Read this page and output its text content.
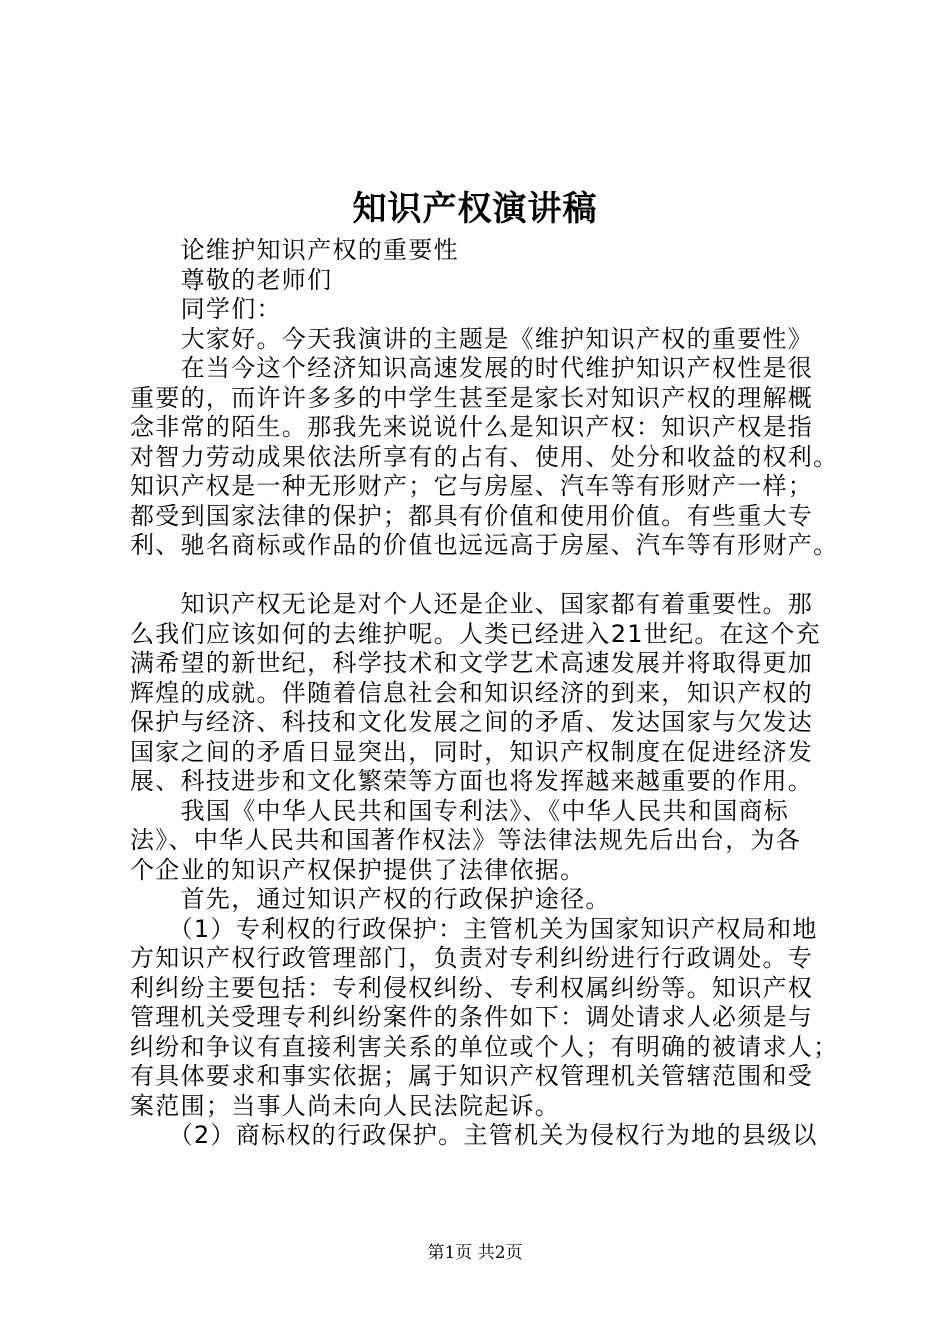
知识产权演讲稿
　　论维护知识产权的重要性
　　尊敬的老师们
　　同学们：
　　大家好。今天我演讲的主题是《维护知识产权的重要性》
　　在当今这个经济知识高速发展的时代维护知识产权性是很
重要的，而许许多多的中学生甚至是家长对知识产权的理解概
念非常的陌生。那我先来说说什么是知识产权：知识产权是指
对智力劳动成果依法所享有的占有、使用、处分和收益的权利。
知识产权是一种无形财产；它与房屋、汽车等有形财产一样；
都受到国家法律的保护；都具有价值和使用价值。有些重大专
利、驰名商标或作品的价值也远远高于房屋、汽车等有形财产。
　　知识产权无论是对个人还是企业、国家都有着重要性。那
么我们应该如何的去维护呢。人类已经进入21世纪。在这个充
满希望的新世纪，科学技术和文学艺术高速发展并将取得更加
辉煌的成就。伴随着信息社会和知识经济的到来，知识产权的
保护与经济、科技和文化发展之间的矛盾、发达国家与欠发达
国家之间的矛盾日显突出，同时，知识产权制度在促进经济发
展、科技进步和文化繁荣等方面也将发挥越来越重要的作用。
　　我国《中华人民共和国专利法》、《中华人民共和国商标
法》、中华人民共和国著作权法》等法律法规先后出台，为各
个企业的知识产权保护提供了法律依据。
　　首先，通过知识产权的行政保护途径。
　　（1）专利权的行政保护：主管机关为国家知识产权局和地
方知识产权行政管理部门，负责对专利纠纷进行行政调处。专
利纠纷主要包括：专利侵权纠纷、专利权属纠纷等。知识产权
管理机关受理专利纠纷案件的条件如下：调处请求人必须是与
纠纷和争议有直接利害关系的单位或个人；有明确的被请求人；
有具体要求和事实依据；属于知识产权管理机关管辖范围和受
案范围；当事人尚未向人民法院起诉。
　　（2）商标权的行政保护。主管机关为侵权行为地的县级以
第1页 共2页
